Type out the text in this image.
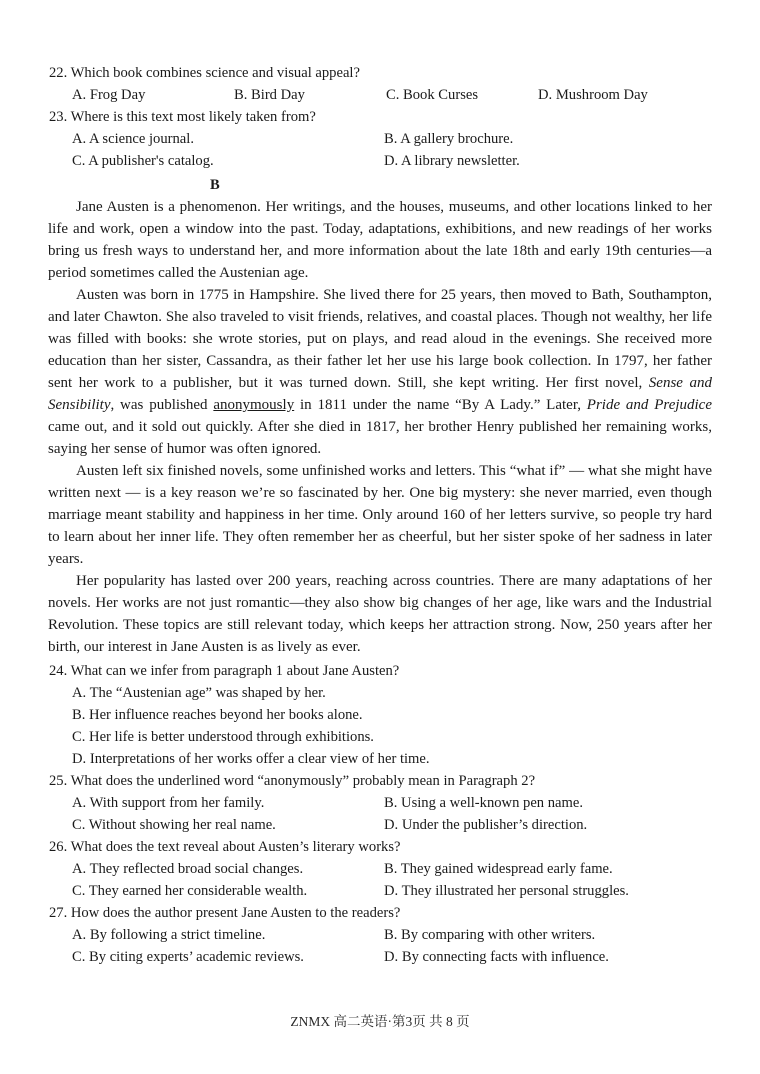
22. Which book combines science and visual appeal?
A. Frog Day	B. Bird Day	C. Book Curses	D. Mushroom Day
23. Where is this text most likely taken from?
A. A science journal.	B. A gallery brochure.
C. A publisher's catalog.	D. A library newsletter.
B

Jane Austen is a phenomenon. Her writings, and the houses, museums, and other locations linked to her life and work, open a window into the past. Today, adaptations, exhibitions, and new readings of her works bring us fresh ways to understand her, and more information about the late 18th and early 19th centuries—a period sometimes called the Austenian age.

Austen was born in 1775 in Hampshire. She lived there for 25 years, then moved to Bath, Southampton, and later Chawton. She also traveled to visit friends, relatives, and coastal places. Though not wealthy, her life was filled with books: she wrote stories, put on plays, and read aloud in the evenings. She received more education than her sister, Cassandra, as their father let her use his large book collection. In 1797, her father sent her work to a publisher, but it was turned down. Still, she kept writing. Her first novel, Sense and Sensibility, was published anonymously in 1811 under the name “By A Lady.” Later, Pride and Prejudice came out, and it sold out quickly. After she died in 1817, her brother Henry published her remaining works, saying her sense of humor was often ignored.

Austen left six finished novels, some unfinished works and letters. This “what if” — what she might have written next — is a key reason we’re so fascinated by her. One big mystery: she never married, even though marriage meant stability and happiness in her time. Only around 160 of her letters survive, so people try hard to learn about her inner life. They often remember her as cheerful, but her sister spoke of her sadness in later years.

Her popularity has lasted over 200 years, reaching across countries. There are many adaptations of her novels. Her works are not just romantic—they also show big changes of her age, like wars and the Industrial Revolution. These topics are still relevant today, which keeps her attraction strong. Now, 250 years after her birth, our interest in Jane Austen is as lively as ever.

24. What can we infer from paragraph 1 about Jane Austen?
A. The “Austenian age” was shaped by her.
B. Her influence reaches beyond her books alone.
C. Her life is better understood through exhibitions.
D. Interpretations of her works offer a clear view of her time.
25. What does the underlined word “anonymously” probably mean in Paragraph 2?
A. With support from her family.	B. Using a well-known pen name.
C. Without showing her real name.	D. Under the publisher’s direction.
26. What does the text reveal about Austen’s literary works?
A. They reflected broad social changes.	B. They gained widespread early fame.
C. They earned her considerable wealth.	D. They illustrated her personal struggles.
27. How does the author present Jane Austen to the readers?
A. By following a strict timeline.	B. By comparing with other writers.
C. By citing experts’ academic reviews.	D. By connecting facts with influence.
ZNMX 高二英语·第3页 共 8 页
